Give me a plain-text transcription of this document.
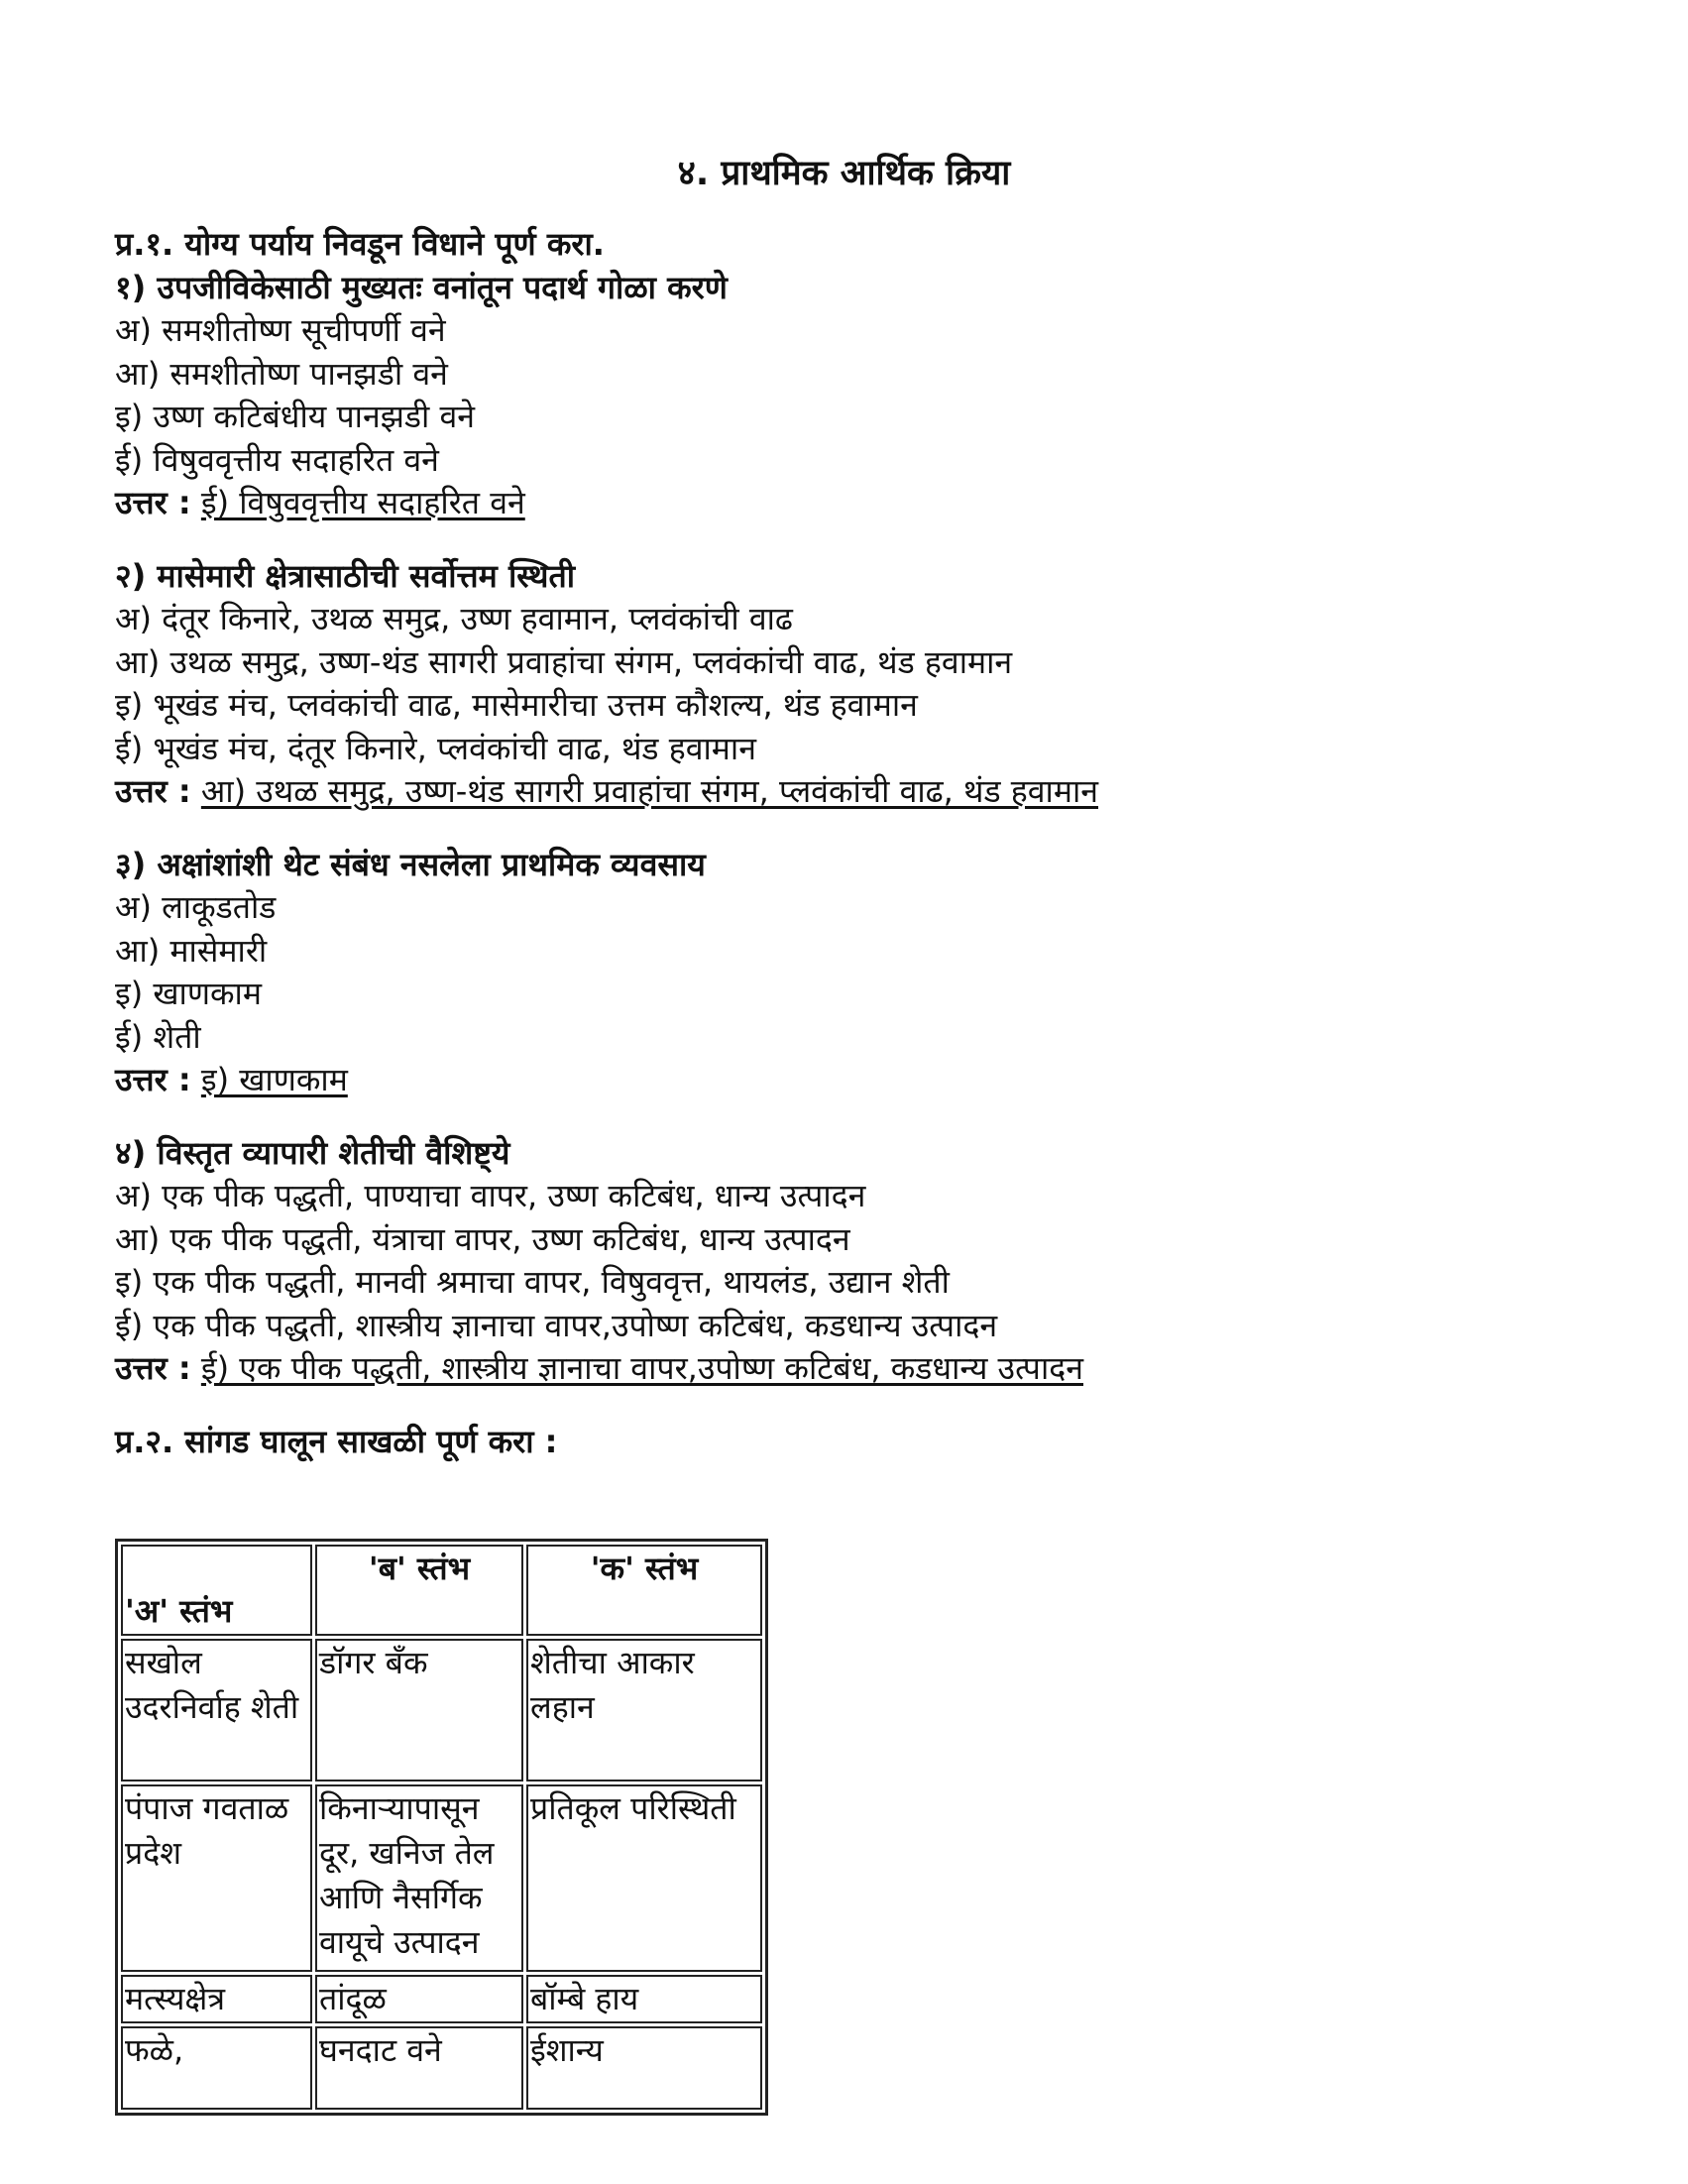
४. प्राथमिक आर्थिक क्रिया
प्र.१. योग्य पर्याय निवडून विधाने पूर्ण करा.
१) उपजीविकेसाठी मुख्यतः वनांतून पदार्थ गोळा करणे
अ) समशीतोष्ण सूचीपर्णी वने
आ) समशीतोष्ण पानझडी वने
इ) उष्ण कटिबंधीय पानझडी वने
ई) विषुववृत्तीय सदाहरित वने
उत्तर : ई) विषुववृत्तीय सदाहरित वने
२) मासेमारी क्षेत्रासाठीची सर्वोत्तम स्थिती
अ) दंतूर किनारे, उथळ समुद्र, उष्ण हवामान, प्लवंकांची वाढ
आ) उथळ समुद्र, उष्ण-थंड सागरी प्रवाहांचा संगम, प्लवंकांची वाढ, थंड हवामान
इ) भूखंड मंच, प्लवंकांची वाढ, मासेमारीचा उत्तम कौशल्य, थंड हवामान
ई) भूखंड मंच, दंतूर किनारे, प्लवंकांची वाढ, थंड हवामान
उत्तर : आ) उथळ समुद्र, उष्ण-थंड सागरी प्रवाहांचा संगम, प्लवंकांची वाढ, थंड हवामान
३) अक्षांशांशी थेट संबंध नसलेला प्राथमिक व्यवसाय
अ) लाकूडतोड
आ) मासेमारी
इ) खाणकाम
ई) शेती
उत्तर : इ) खाणकाम
४) विस्तृत व्यापारी शेतीची वैशिष्ट्ये
अ) एक पीक पद्धती, पाण्याचा वापर, उष्ण कटिबंध, धान्य उत्पादन
आ) एक पीक पद्धती, यंत्राचा वापर, उष्ण कटिबंध, धान्य उत्पादन
इ) एक पीक पद्धती, मानवी श्रमाचा वापर, विषुववृत्त, थायलंड, उद्यान शेती
ई) एक पीक पद्धती, शास्त्रीय ज्ञानाचा वापर,उपोष्ण कटिबंध, कडधान्य उत्पादन
उत्तर : ई) एक पीक पद्धती, शास्त्रीय ज्ञानाचा वापर,उपोष्ण कटिबंध, कडधान्य उत्पादन
प्र.२. सांगड घालून साखळी पूर्ण करा :
'अ' स्तंभ	'ब' स्तंभ	'क' स्तंभ
सखोल उदरनिर्वाह शेती	डॉगर बँक	शेतीचा आकार लहान
पंपाज गवताळ प्रदेश	किनाऱ्यापासून दूर, खनिज तेल आणि नैसर्गिक वायूचे उत्पादन	प्रतिकूल परिस्थिती
मत्स्यक्षेत्र	तांदूळ	बॉम्बे हाय
फळे,	घनदाट वने	ईशान्य
